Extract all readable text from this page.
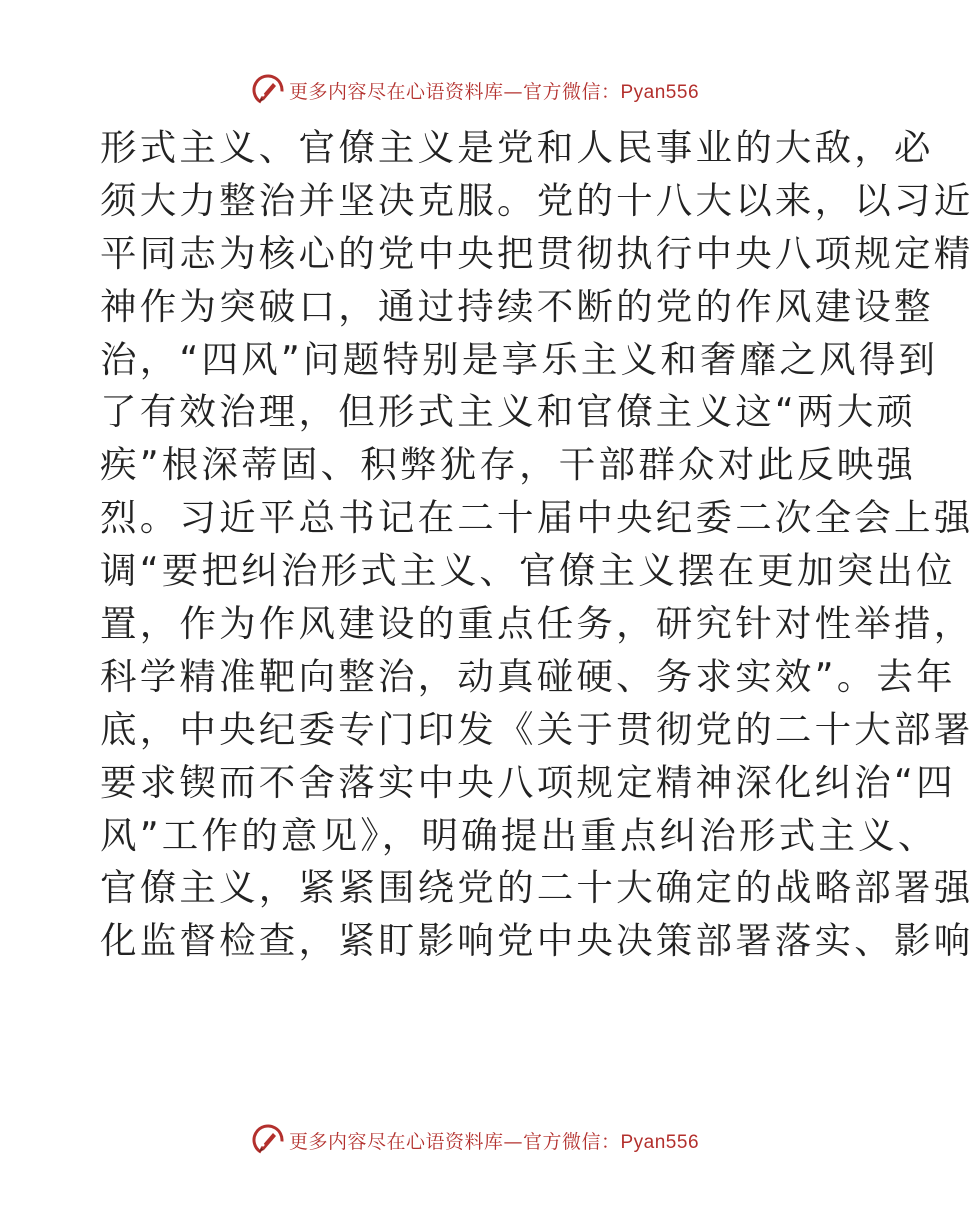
更多内容尽在心语资料库—官方微信：Pyan556
形式主义、官僚主义是党和人民事业的大敌，必
须大力整治并坚决克服。党的十八大以来，以习近
平同志为核心的党中央把贯彻执行中央八项规定精
神作为突破口，通过持续不断的党的作风建设整
治，“四风”问题特别是享乐主义和奢靡之风得到
了有效治理，但形式主义和官僚主义这“两大顽
疾”根深蒂固、积弊犹存，干部群众对此反映强
烈。习近平总书记在二十届中央纪委二次全会上强
调“要把纠治形式主义、官僚主义摆在更加突出位
置，作为作风建设的重点任务，研究针对性举措，
科学精准靶向整治，动真碰硬、务求实效”。去年
底，中央纪委专门印发《关于贯彻党的二十大部署
要求锲而不舍落实中央八项规定精神深化纠治“四
风”工作的意见》，明确提出重点纠治形式主义、
官僚主义，紧紧围绕党的二十大确定的战略部署强
化监督检查，紧盯影响党中央决策部署落实、影响
更多内容尽在心语资料库—官方微信：Pyan556
